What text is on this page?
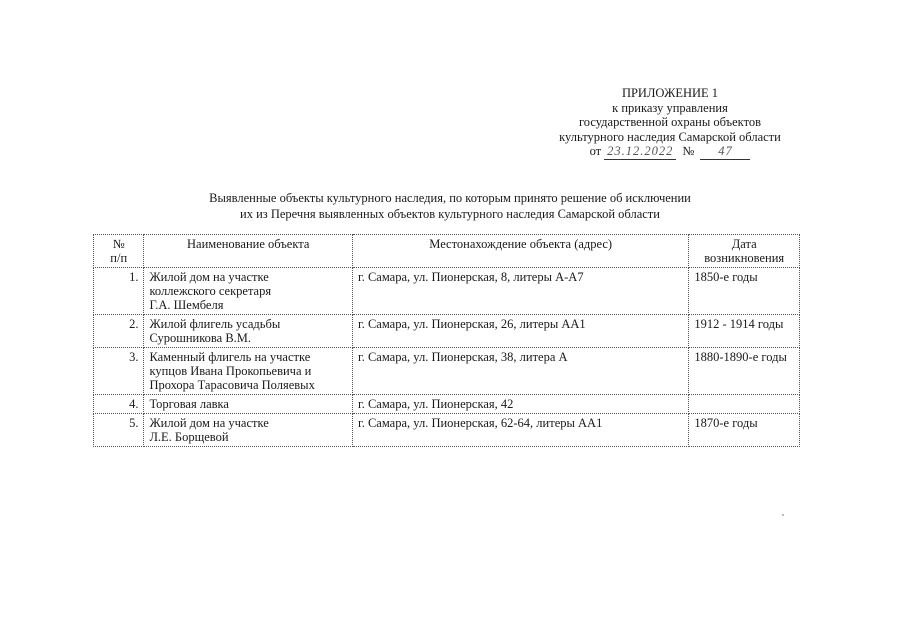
ПРИЛОЖЕНИЕ 1
к приказу управления
государственной охраны объектов
культурного наследия Самарской области
от 23.12.2022 № 47
Выявленные объекты культурного наследия, по которым принято решение об исключении
их из Перечня выявленных объектов культурного наследия Самарской области
№
п/п	Наименование объекта	Местонахождение объекта (адрес)	Дата
возникновения
1.	Жилой дом на участке
коллежского секретаря
Г.А. Шембеля	г. Самара, ул. Пионерская, 8, литеры А-А7	1850-е годы
2.	Жилой флигель усадьбы
Сурошникова В.М.	г. Самара, ул. Пионерская, 26, литеры АА1	1912 - 1914 годы
3.	Каменный флигель на участке
купцов Ивана Прокопьевича и
Прохора Тарасовича Поляевых	г. Самара, ул. Пионерская, 38, литера А	1880-1890-е годы
4.	Торговая лавка	г. Самара, ул. Пионерская, 42	
5.	Жилой дом на участке
Л.Е. Борщевой	г. Самара, ул. Пионерская, 62-64, литеры АА1	1870-е годы
